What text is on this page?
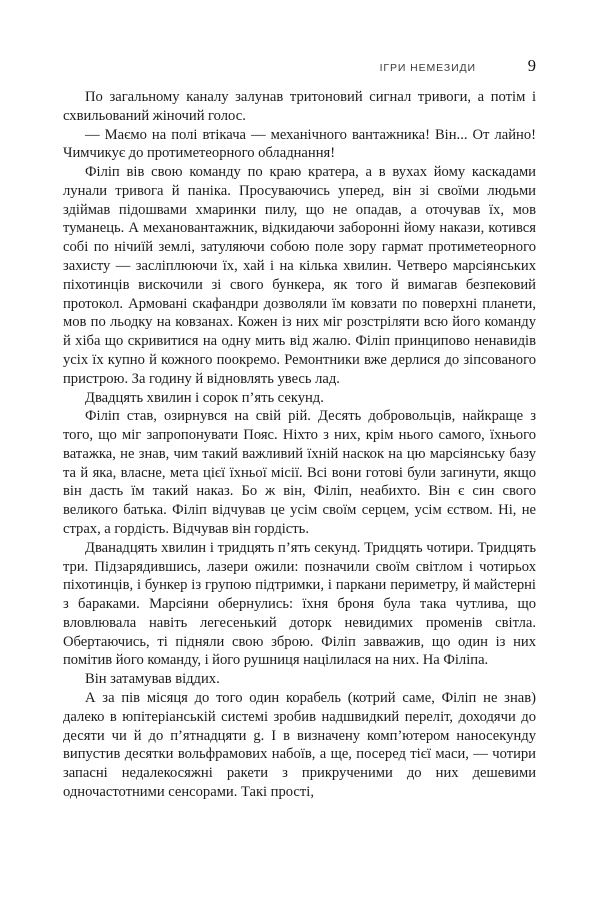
ІГРИ НЕМЕЗИДИ	9

По загальному каналу залунав тритоновий сигнал тривоги, а потім і схвильований жіночий голос.

— Маємо на полі втікача — механічного вантажника! Він... От лайно! Чимчикує до протиметеорного обладнання!

Філіп вів свою команду по краю кратера, а в вухах йому каскадами лунали тривога й паніка. Просуваючись уперед, він зі своїми людьми здіймав підошвами хмаринки пилу, що не опадав, а оточував їх, мов туманець. А механовантажник, відкидаючи заборонні йому накази, котився собі по нічиїй землі, затуляючи собою поле зору гармат протиметеорного захисту — засліплюючи їх, хай і на кілька хвилин. Четверо марсіянських піхотинців вискочили зі свого бункера, як того й вимагав безпековий протокол. Армовані скафандри дозволяли їм ковзати по поверхні планети, мов по льодку на ковзанах. Кожен із них міг розстріляти всю його команду й хіба що скривитися на одну мить від жалю. Філіп принципово ненавидів усіх їх купно й кожного поокремо. Ремонтники вже дерлися до зіпсованого пристрою. За годину й відновлять увесь лад.

Двадцять хвилин і сорок п’ять секунд.

Філіп став, озирнувся на свій рій. Десять добровольців, найкраще з того, що міг запропонувати Пояс. Ніхто з них, крім нього самого, їхнього ватажка, не знав, чим такий важливий їхній наскок на цю марсіянську базу та й яка, власне, мета цієї їхньої місії. Всі вони готові були загинути, якщо він дасть їм такий наказ. Бо ж він, Філіп, неабихто. Він є син свого великого батька. Філіп відчував це усім своїм серцем, усім єством. Ні, не страх, а гордість. Відчував він гордість.

Дванадцять хвилин і тридцять п’ять секунд. Тридцять чотири. Тридцять три. Підзарядившись, лазери ожили: позначили своїм світлом і чотирьох піхотинців, і бункер із групою підтримки, і паркани периметру, й майстерні з бараками. Марсіяни обернулись: їхня броня була така чутлива, що вловлювала навіть легесенький доторк невидимих променів світла. Обертаючись, ті підняли свою зброю. Філіп завважив, що один із них помітив його команду, і його рушниця націлилася на них. На Філіпа.

Він затамував віддих.

А за пів місяця до того один корабель (котрий саме, Філіп не знав) далеко в юпітеріанській системі зробив надшвидкий переліт, доходячи до десяти чи й до п’ятнадцяти g. І в визначену комп’ютером наносекунду випустив десятки вольфрамових набоїв, а ще, посеред тієї маси, — чотири запасні недалекосяжні ракети з прикрученими до них дешевими одночастотними сенсорами. Такі прості,
